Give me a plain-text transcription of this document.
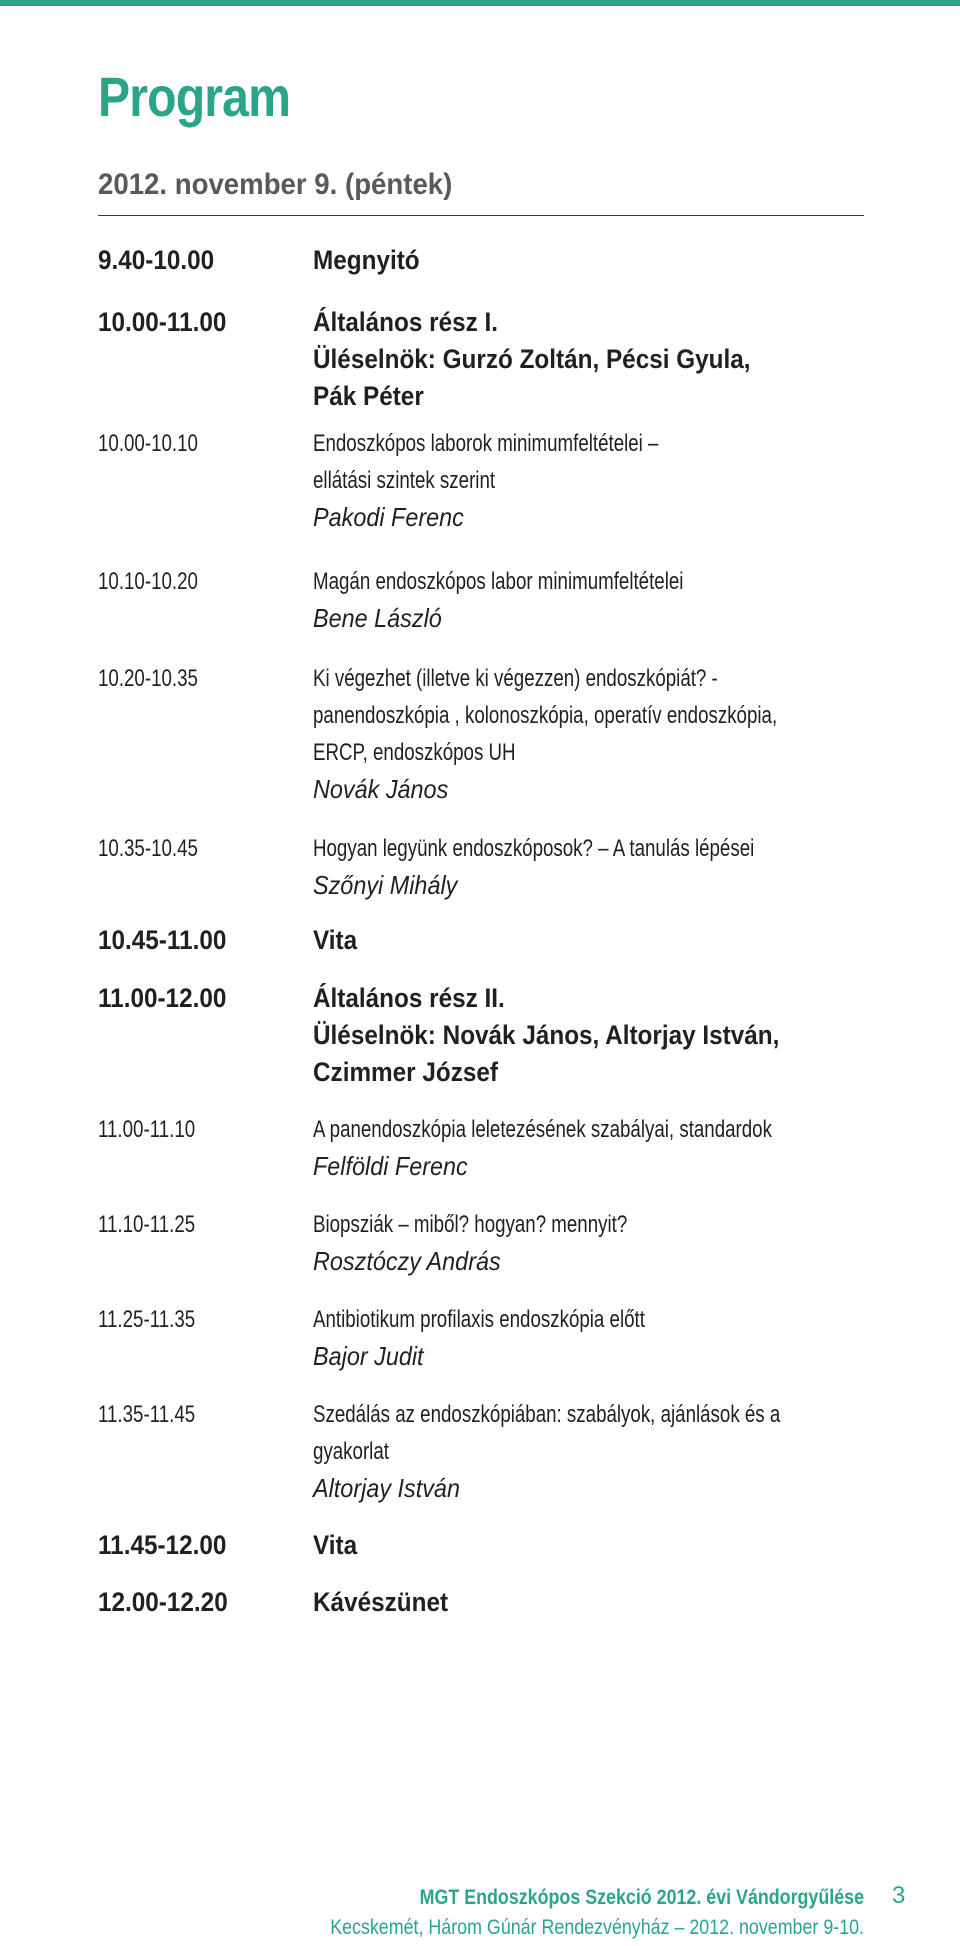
Program
2012. november 9. (péntek)
9.40-10.00	Megnyitó
10.00-11.00	Általános rész I.
Üléselnök: Gurzó Zoltán, Pécsi Gyula,
Pák Péter
10.00-10.10	Endoszkópos laborok minimumfeltételei –
ellátási szintek szerint
Pakodi Ferenc
10.10-10.20	Magán endoszkópos labor minimumfeltételei
Bene László
10.20-10.35	Ki végezhet (illetve ki végezzen) endoszkópiát? -
panendoszkópia , kolonoszkópia, operatív endoszkópia,
ERCP, endoszkópos UH
Novák János
10.35-10.45	Hogyan legyünk endoszkóposok? – A tanulás lépései
Szőnyi Mihály
10.45-11.00	Vita
11.00-12.00	Általános rész II.
Üléselnök: Novák János, Altorjay István,
Czimmer József
11.00-11.10	A panendoszkópia leletezésének szabályai, standardok
Felföldi Ferenc
11.10-11.25	Biopsziák – miből? hogyan? mennyit?
Rosztóczy András
11.25-11.35	Antibiotikum profilaxis endoszkópia előtt
Bajor Judit
11.35-11.45	Szedálás az endoszkópiában: szabályok, ajánlások és a
gyakorlat
Altorjay István
11.45-12.00	Vita
12.00-12.20	Kávészünet
MGT Endoszkópos Szekció 2012. évi Vándorgyűlése
Kecskemét, Három Gúnár Rendezvényház – 2012. november 9-10.
3
